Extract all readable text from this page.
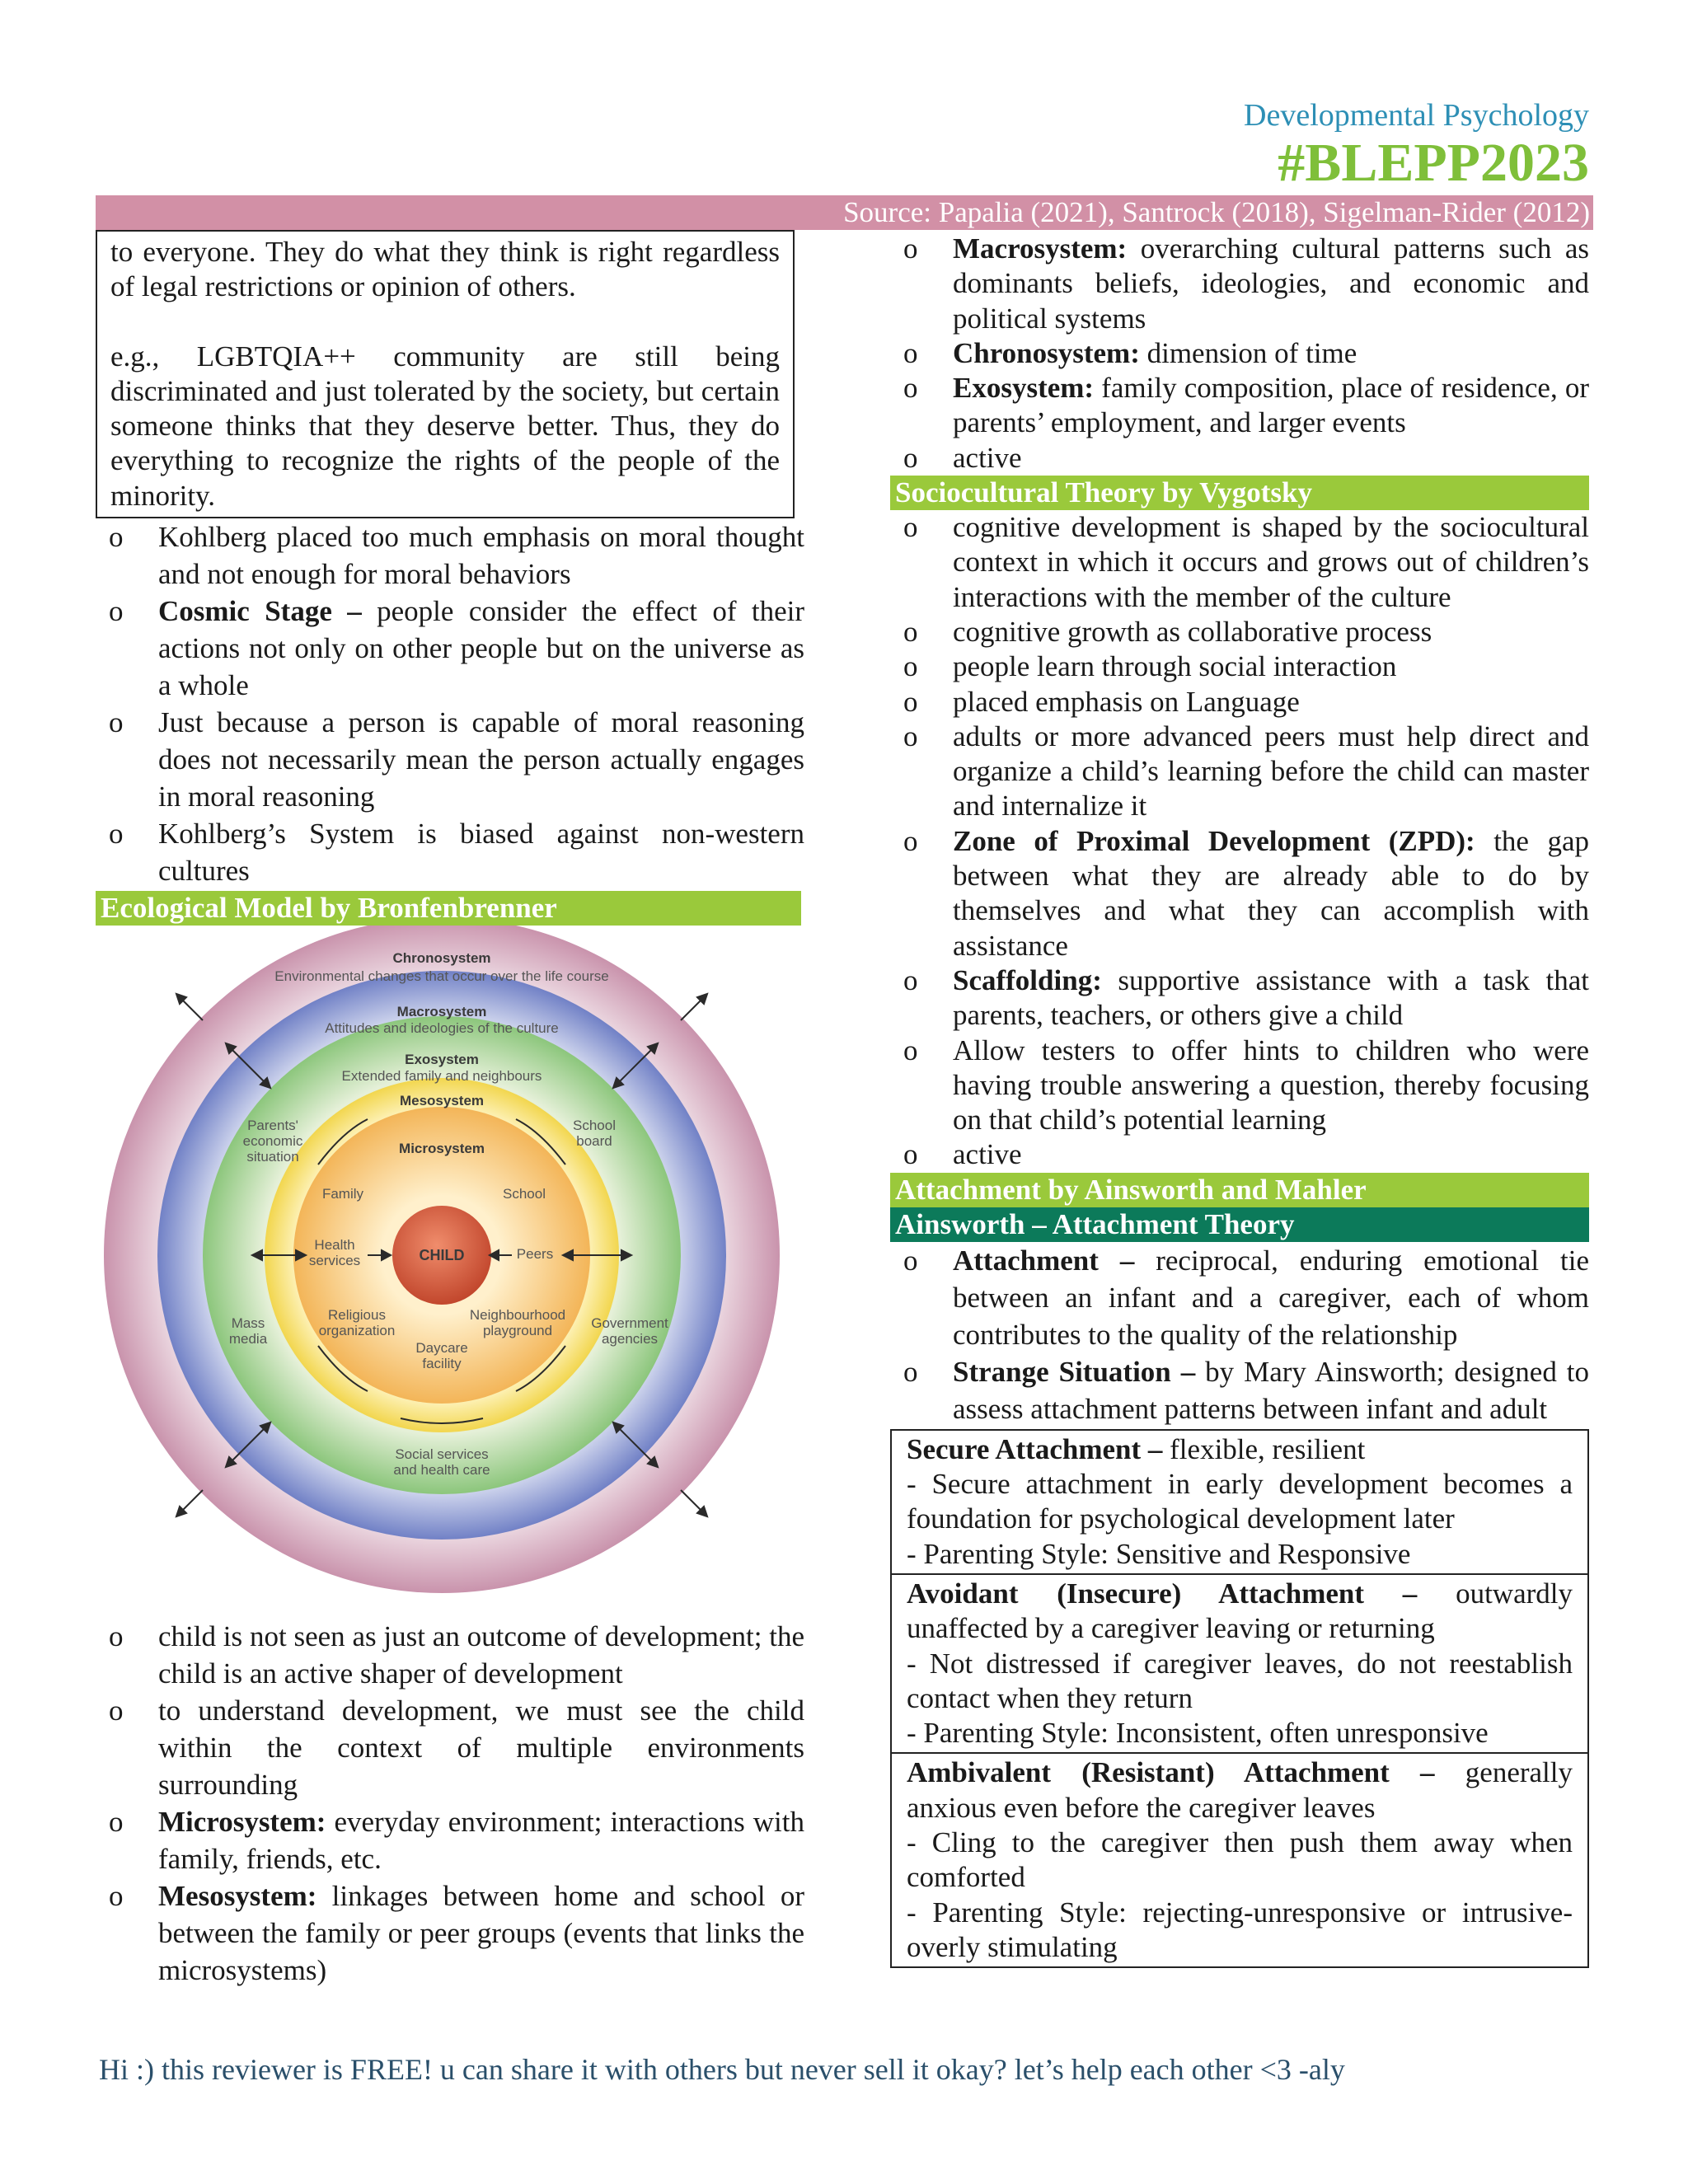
Developmental Psychology
#BLEPP2023
Source: Papalia (2021), Santrock (2018), Sigelman-Rider (2012)

to everyone. They do what they think is right regardless of legal restrictions or opinion of others.

e.g., LGBTQIA++ community are still being discriminated and just tolerated by the society, but certain someone thinks that they deserve better. Thus, they do everything to recognize the rights of the people of the minority.

o Kohlberg placed too much emphasis on moral thought and not enough for moral behaviors
o Cosmic Stage – people consider the effect of their actions not only on other people but on the universe as a whole
o Just because a person is capable of moral reasoning does not necessarily mean the person actually engages in moral reasoning
o Kohlberg’s System is biased against non-western cultures
Ecological Model by Bronfenbrenner
Chronosystem
Environmental changes that occur over the life course
Macrosystem
Attitudes and ideologies of the culture
Exosystem
Extended family and neighbours
Mesosystem
Microsystem
CHILD
Family	School
Health
services	Peers
Religious
organization
Neighbourhood
playground
Daycare
facility
Parents'
economic
situation
School
board
Mass
media
Government
agencies
Social services
and health care
o child is not seen as just an outcome of development; the child is an active shaper of development
o to understand development, we must see the child within the context of multiple environments surrounding
o Microsystem: everyday environment; interactions with family, friends, etc.
o Mesosystem: linkages between home and school or between the family or peer groups (events that links the microsystems)
o Macrosystem: overarching cultural patterns such as dominants beliefs, ideologies, and economic and political systems
o Chronosystem: dimension of time
o Exosystem: family composition, place of residence, or parents’ employment, and larger events
o active
Sociocultural Theory by Vygotsky
o cognitive development is shaped by the sociocultural context in which it occurs and grows out of children’s interactions with the member of the culture
o cognitive growth as collaborative process
o people learn through social interaction
o placed emphasis on Language
o adults or more advanced peers must help direct and organize a child’s learning before the child can master and internalize it
o Zone of Proximal Development (ZPD): the gap between what they are already able to do by themselves and what they can accomplish with assistance
o Scaffolding: supportive assistance with a task that parents, teachers, or others give a child
o Allow testers to offer hints to children who were having trouble answering a question, thereby focusing on that child’s potential learning
o active
Attachment by Ainsworth and Mahler
Ainsworth – Attachment Theory
o Attachment – reciprocal, enduring emotional tie between an infant and a caregiver, each of whom contributes to the quality of the relationship
o Strange Situation – by Mary Ainsworth; designed to assess attachment patterns between infant and adult

Secure Attachment – flexible, resilient

- Secure attachment in early development becomes a foundation for psychological development later

- Parenting Style: Sensitive and Responsive

Avoidant (Insecure) Attachment – outwardly unaffected by a caregiver leaving or returning

- Not distressed if caregiver leaves, do not reestablish contact when they return

- Parenting Style: Inconsistent, often unresponsive

Ambivalent (Resistant) Attachment – generally anxious even before the caregiver leaves

- Cling to the caregiver then push them away when comforted

- Parenting Style: rejecting-unresponsive or intrusive-overly stimulating

Hi :) this reviewer is FREE! u can share it with others but never sell it okay? let’s help each other <3 -aly
